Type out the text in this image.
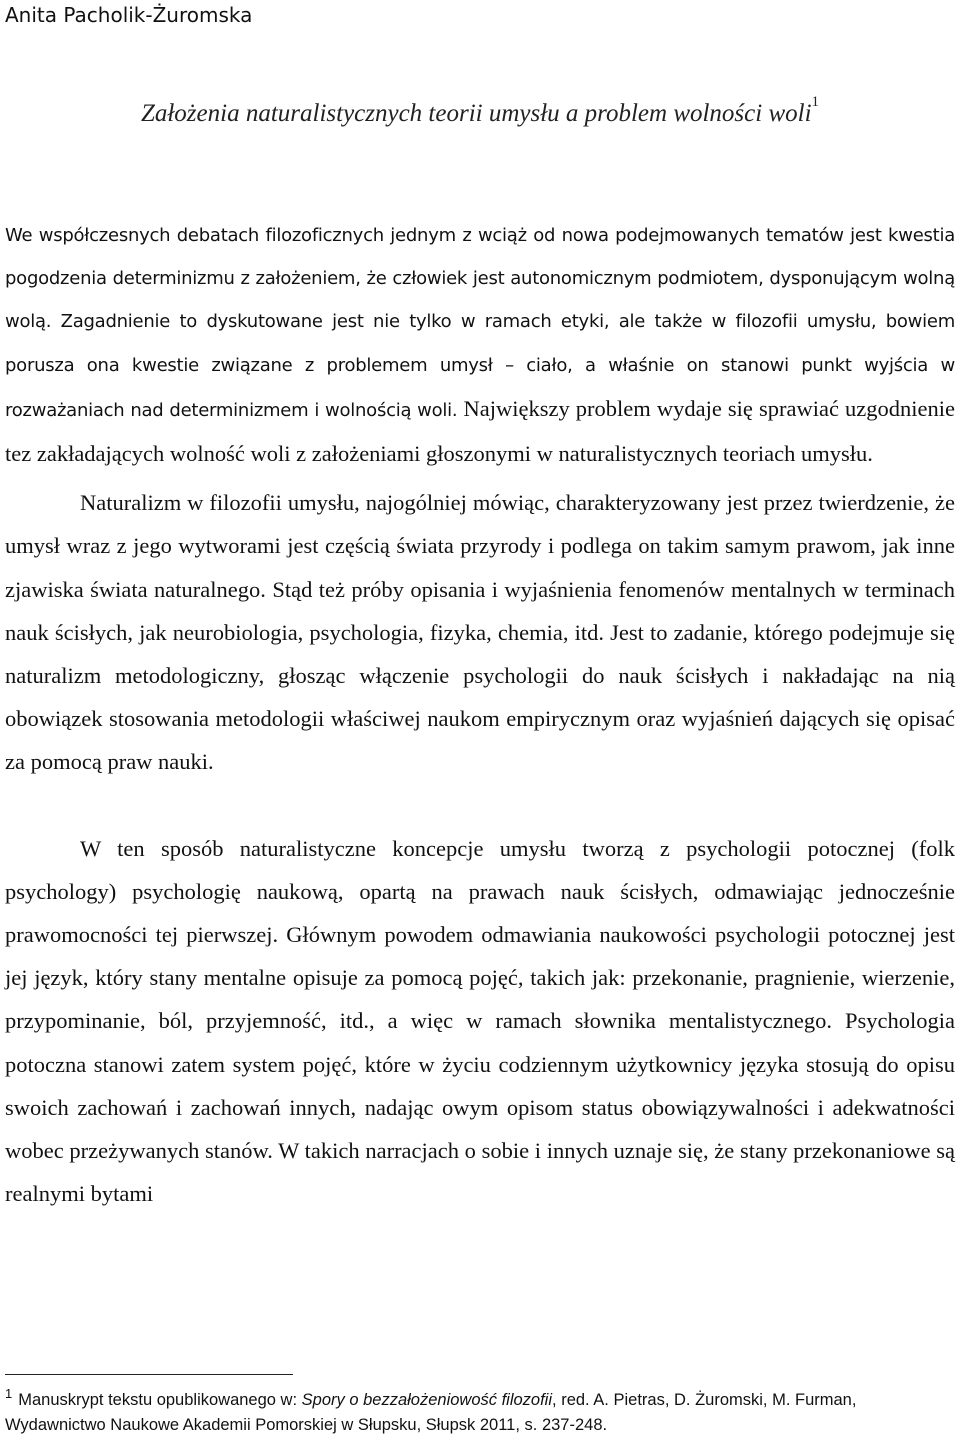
Anita Pacholik-Żuromska
Założenia naturalistycznych teorii umysłu a problem wolności woli$^1$

We współczesnych debatach filozoficznych jednym z wciąż od nowa podejmowanych tematów jest kwestia pogodzenia determinizmu z założeniem, że człowiek jest autonomicznym podmiotem, dysponującym wolną wolą. Zagadnienie to dyskutowane jest nie tylko w ramach etyki, ale także w filozofii umysłu, bowiem porusza ona kwestie związane z problemem umysł – ciało, a właśnie on stanowi punkt wyjścia w rozważaniach nad determinizmem i wolnością woli. Największy problem wydaje się sprawiać uzgodnienie tez zakładających wolność woli z założeniami głoszonymi w naturalistycznych teoriach umysłu.

Naturalizm w filozofii umysłu, najogólniej mówiąc, charakteryzowany jest przez twierdzenie, że umysł wraz z jego wytworami jest częścią świata przyrody i podlega on takim samym prawom, jak inne zjawiska świata naturalnego. Stąd też próby opisania i wyjaśnienia fenomenów mentalnych w terminach nauk ścisłych, jak neurobiologia, psychologia, fizyka, chemia, itd. Jest to zadanie, którego podejmuje się naturalizm metodologiczny, głosząc włączenie psychologii do nauk ścisłych i nakładając na nią obowiązek stosowania metodologii właściwej naukom empirycznym oraz wyjaśnień dających się opisać za pomocą praw nauki.

W ten sposób naturalistyczne koncepcje umysłu tworzą z psychologii potocznej (folk psychology) psychologię naukową, opartą na prawach nauk ścisłych, odmawiając jednocześnie prawomocności tej pierwszej. Głównym powodem odmawiania naukowości psychologii potocznej jest jej język, który stany mentalne opisuje za pomocą pojęć, takich jak: przekonanie, pragnienie, wierzenie, przypominanie, ból, przyjemność, itd., a więc w ramach słownika mentalistycznego. Psychologia potoczna stanowi zatem system pojęć, które w życiu codziennym użytkownicy języka stosują do opisu swoich zachowań i zachowań innych, nadając owym opisom status obowiązywalności i adekwatności wobec przeżywanych stanów. W takich narracjach o sobie i innych uznaje się, że stany przekonaniowe są realnymi bytami

$^1$ Manuskrypt tekstu opublikowanego w: Spory o bezzałożeniowość filozofii, red. A. Pietras, D. Żuromski, M. Furman, Wydawnictwo Naukowe Akademii Pomorskiej w Słupsku, Słupsk 2011, s. 237-248.
